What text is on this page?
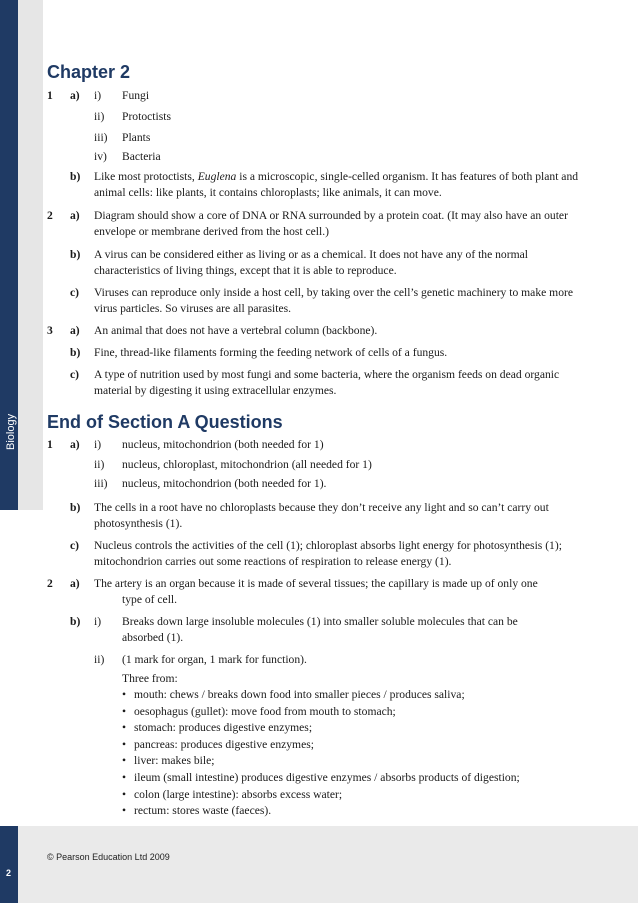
Chapter 2
1 a) i) Fungi
ii) Protoctists
iii) Plants
iv) Bacteria
b) Like most protoctists, Euglena is a microscopic, single-celled organism. It has features of both plant and animal cells: like plants, it contains chloroplasts; like animals, it can move.
2 a) Diagram should show a core of DNA or RNA surrounded by a protein coat. (It may also have an outer envelope or membrane derived from the host cell.)
b) A virus can be considered either as living or as a chemical. It does not have any of the normal characteristics of living things, except that it is able to reproduce.
c) Viruses can reproduce only inside a host cell, by taking over the cell’s genetic machinery to make more virus particles. So viruses are all parasites.
3 a) An animal that does not have a vertebral column (backbone).
b) Fine, thread-like filaments forming the feeding network of cells of a fungus.
c) A type of nutrition used by most fungi and some bacteria, where the organism feeds on dead organic material by digesting it using extracellular enzymes.
End of Section A Questions
1 a) i) nucleus, mitochondrion (both needed for 1)
ii) nucleus, chloroplast, mitochondrion (all needed for 1)
iii) nucleus, mitochondrion (both needed for 1).
b) The cells in a root have no chloroplasts because they don’t receive any light and so can’t carry out photosynthesis (1).
c) Nucleus controls the activities of the cell (1); chloroplast absorbs light energy for photosynthesis (1); mitochondrion carries out some reactions of respiration to release energy (1).
2 a) The artery is an organ because it is made of several tissues; the capillary is made up of only one
type of cell.
b) i) Breaks down large insoluble molecules (1) into smaller soluble molecules that can be
absorbed (1).
ii) (1 mark for organ, 1 mark for function).
Three from:
• mouth: chews / breaks down food into smaller pieces / produces saliva;
• oesophagus (gullet): move food from mouth to stomach;
• stomach: produces digestive enzymes;
• pancreas: produces digestive enzymes;
• liver: makes bile;
• ileum (small intestine) produces digestive enzymes / absorbs products of digestion;
• colon (large intestine): absorbs excess water;
• rectum: stores waste (faeces).
© Pearson Education Ltd 2009
2
